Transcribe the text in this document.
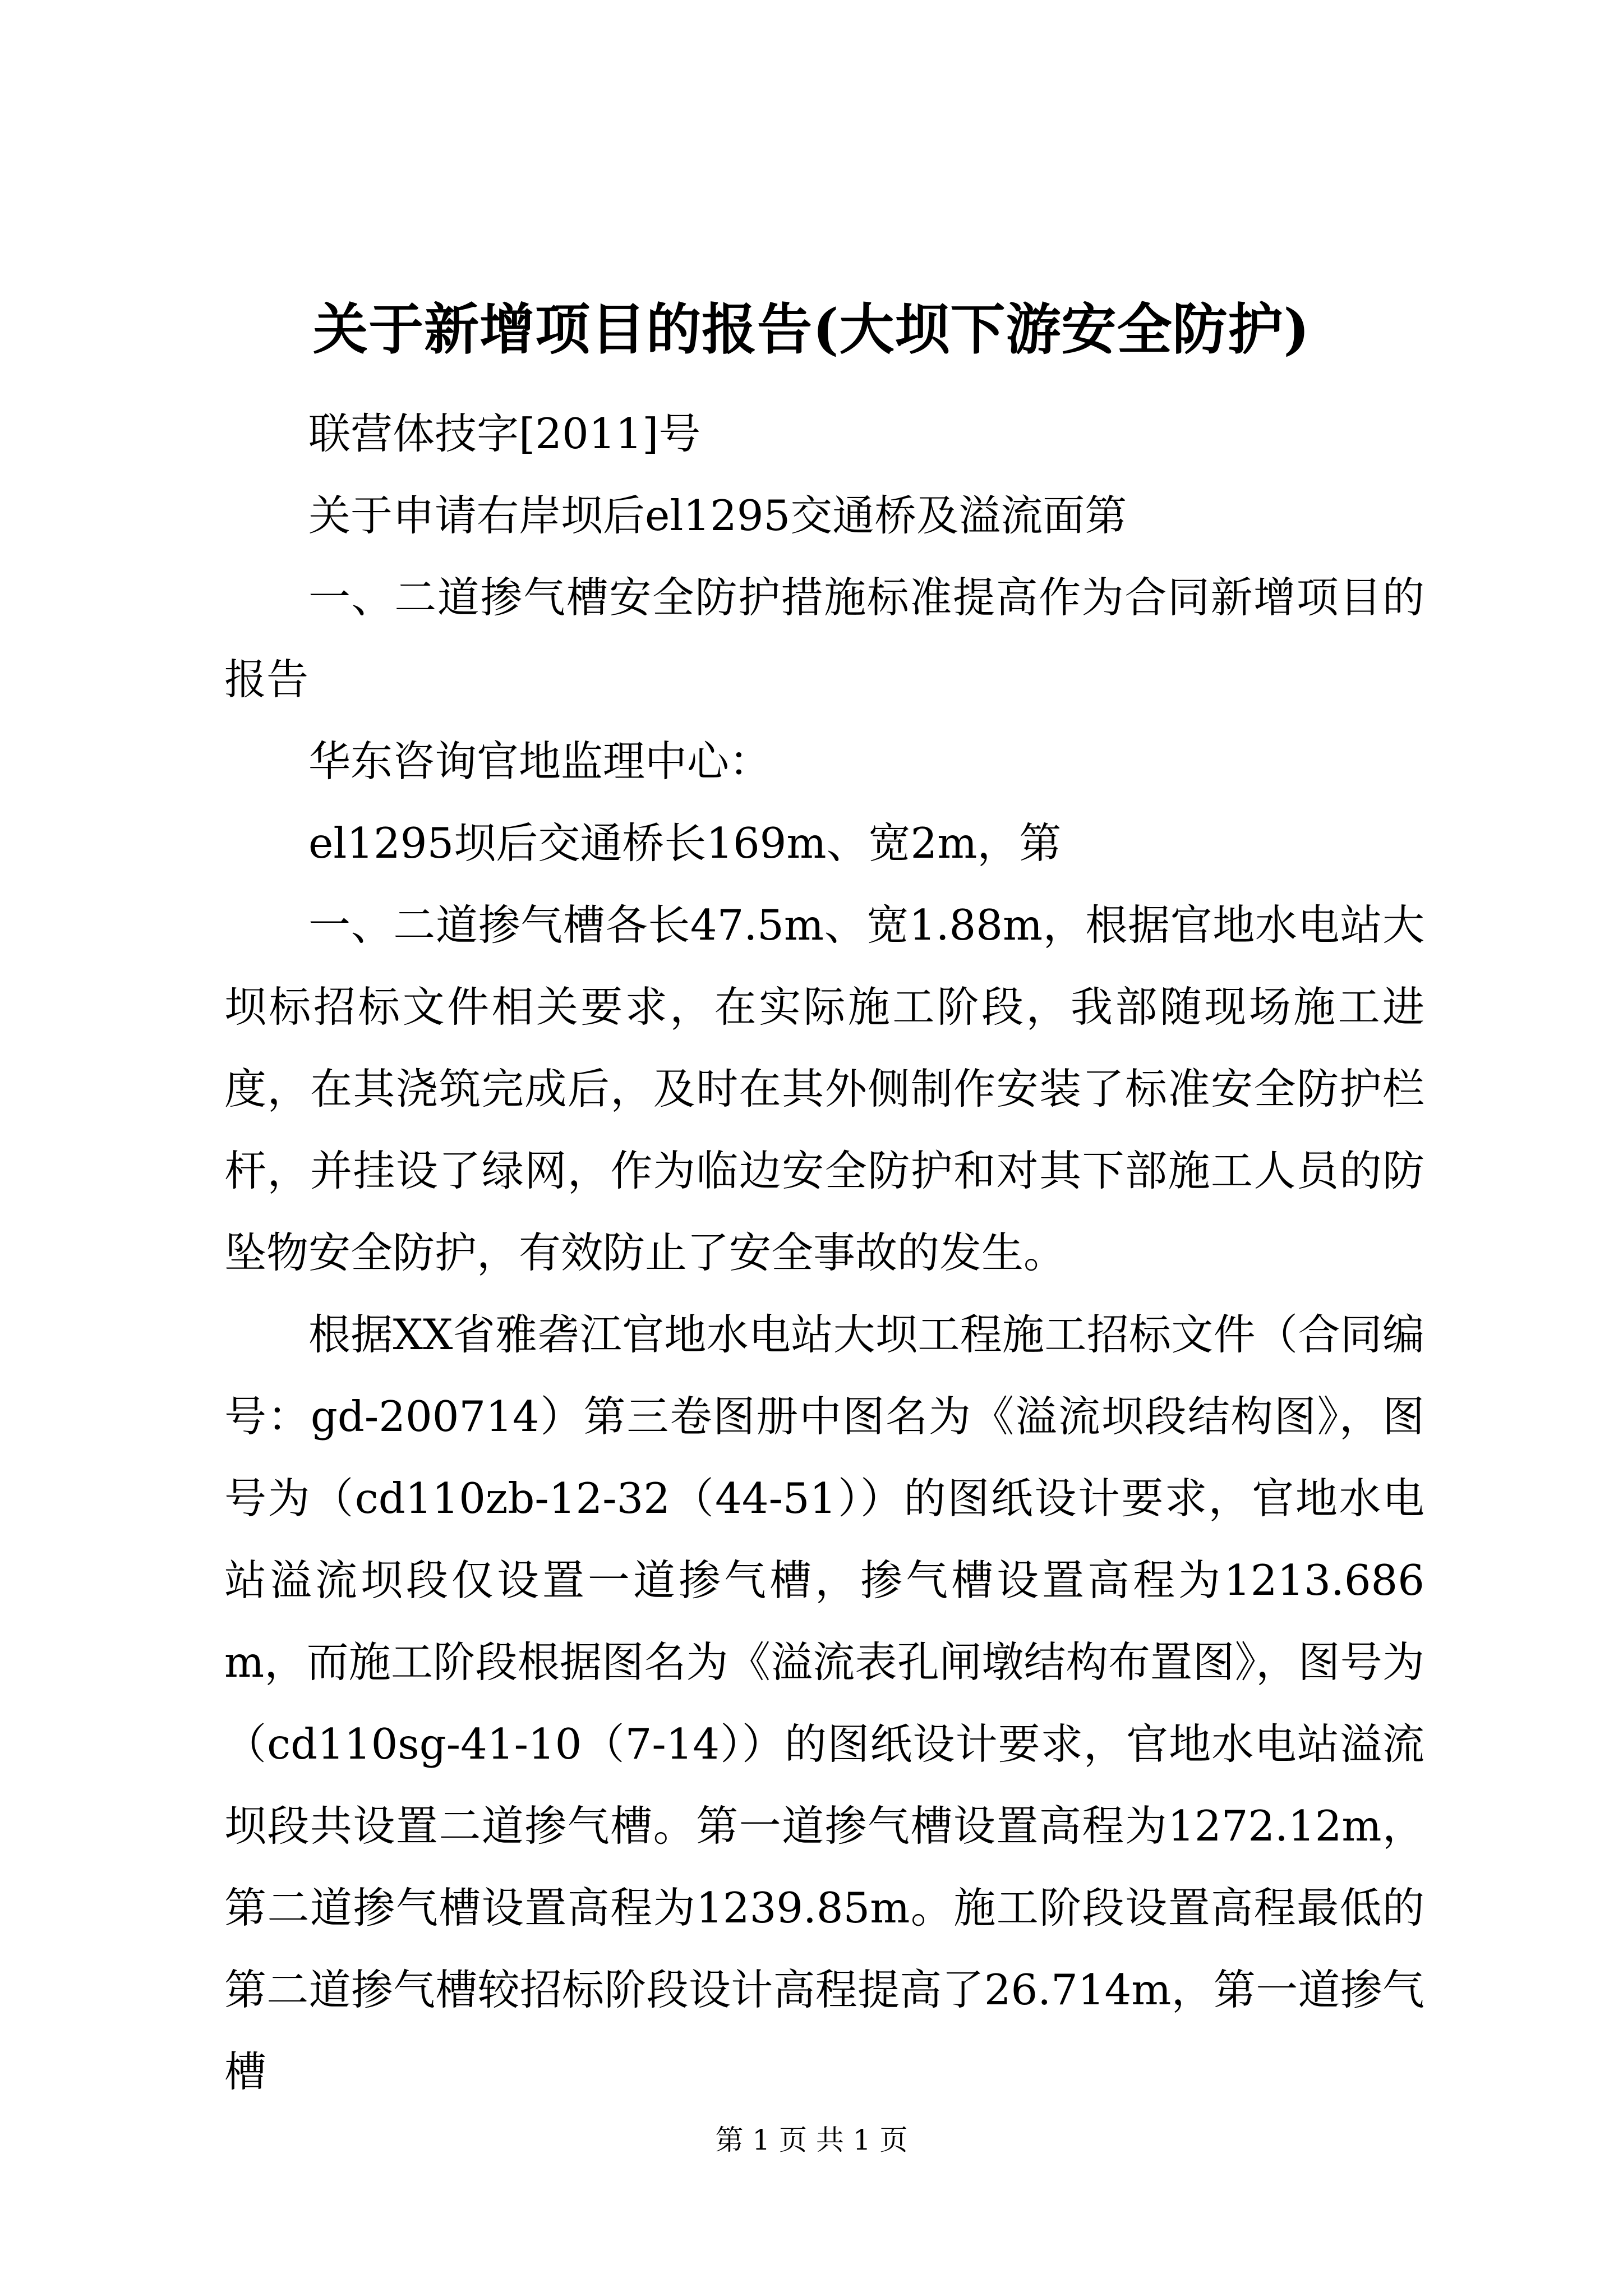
关于新增项目的报告(大坝下游安全防护)

联营体技字[2011]号

关于申请右岸坝后el1295交通桥及溢流面第

一、二道掺气槽安全防护措施标准提高作为合同新增项目的报告

华东咨询官地监理中心：

el1295坝后交通桥长169m、宽2m，第

一、二道掺气槽各长47.5m、宽1.88m，根据官地水电站大坝标招标文件相关要求，在实际施工阶段，我部随现场施工进度，在其浇筑完成后，及时在其外侧制作安装了标准安全防护栏杆，并挂设了绿网，作为临边安全防护和对其下部施工人员的防坠物安全防护，有效防止了安全事故的发生。

根据XX省雅砻江官地水电站大坝工程施工招标文件（合同编号：gd-200714）第三卷图册中图名为《溢流坝段结构图》，图号为（cd110zb-12-32（44-51））的图纸设计要求，官地水电站溢流坝段仅设置一道掺气槽，掺气槽设置高程为1213.686m，而施工阶段根据图名为《溢流表孔闸墩结构布置图》，图号为（cd110sg-41-10（7-14））的图纸设计要求，官地水电站溢流坝段共设置二道掺气槽。第一道掺气槽设置高程为1272.12m，第二道掺气槽设置高程为1239.85m。施工阶段设置高程最低的第二道掺气槽较招标阶段设计高程提高了26.714m，第一道掺气槽

第 1 页 共 1 页
